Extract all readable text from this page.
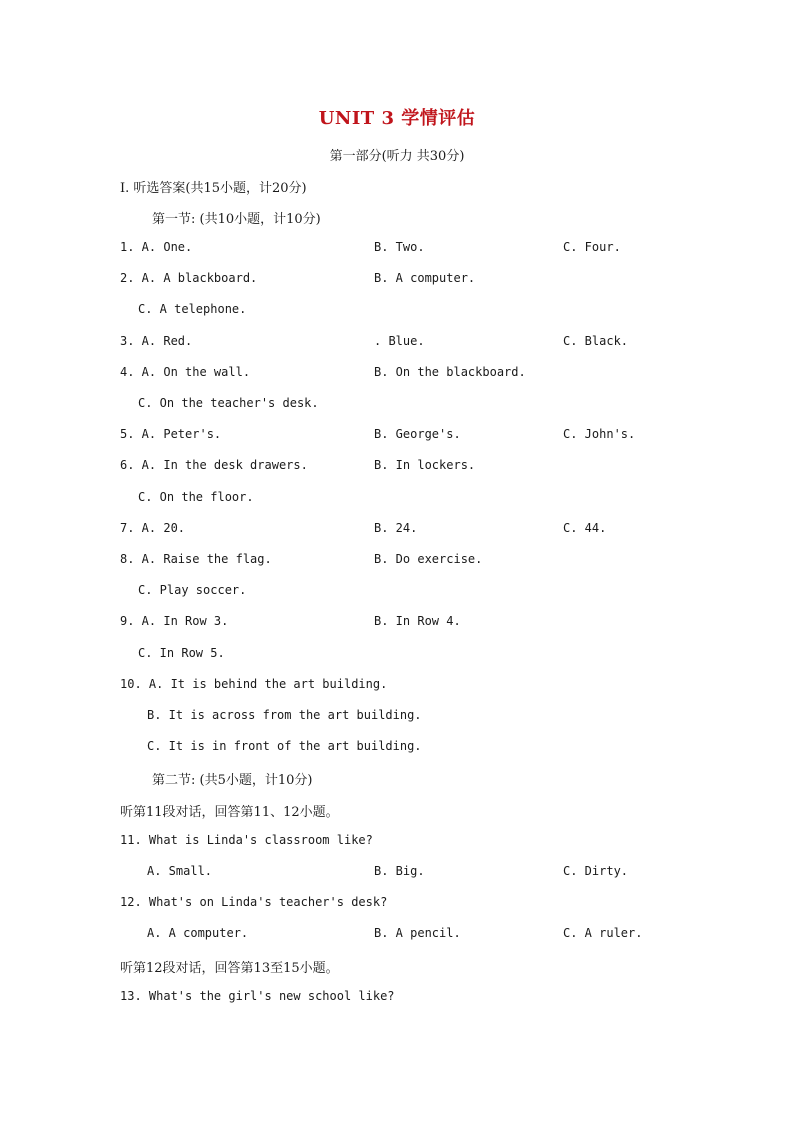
UNIT 3 学情评估
第一部分(听力 共30分)
Ⅰ. 听选答案(共15小题，计20分)
第一节: (共10小题，计10分)
1. A. One.	B. Two.	C. Four.
2. A. A blackboard.	B. A computer.
C. A telephone.
3. A. Red.	. Blue.	C. Black.
4. A. On the wall.	B. On the blackboard.
C. On the teacher's desk.
5. A. Peter's.	B. George's.	C. John's.
6. A. In the desk drawers.	B. In lockers.
C. On the floor.
7. A. 20.	B. 24.	C. 44.
8. A. Raise the flag.	B. Do exercise.
C. Play soccer.
9. A. In Row 3.	B. In Row 4.
C. In Row 5.
10. A. It is behind the art building.
B. It is across from the art building.
C. It is in front of the art building.
第二节: (共5小题，计10分)
听第11段对话，回答第11、12小题。
11. What is Linda's classroom like?
A. Small.	B. Big.	C. Dirty.
12. What's on Linda's teacher's desk?
A. A computer.	B. A pencil.	C. A ruler.
听第12段对话，回答第13至15小题。
13. What's the girl's new school like?
